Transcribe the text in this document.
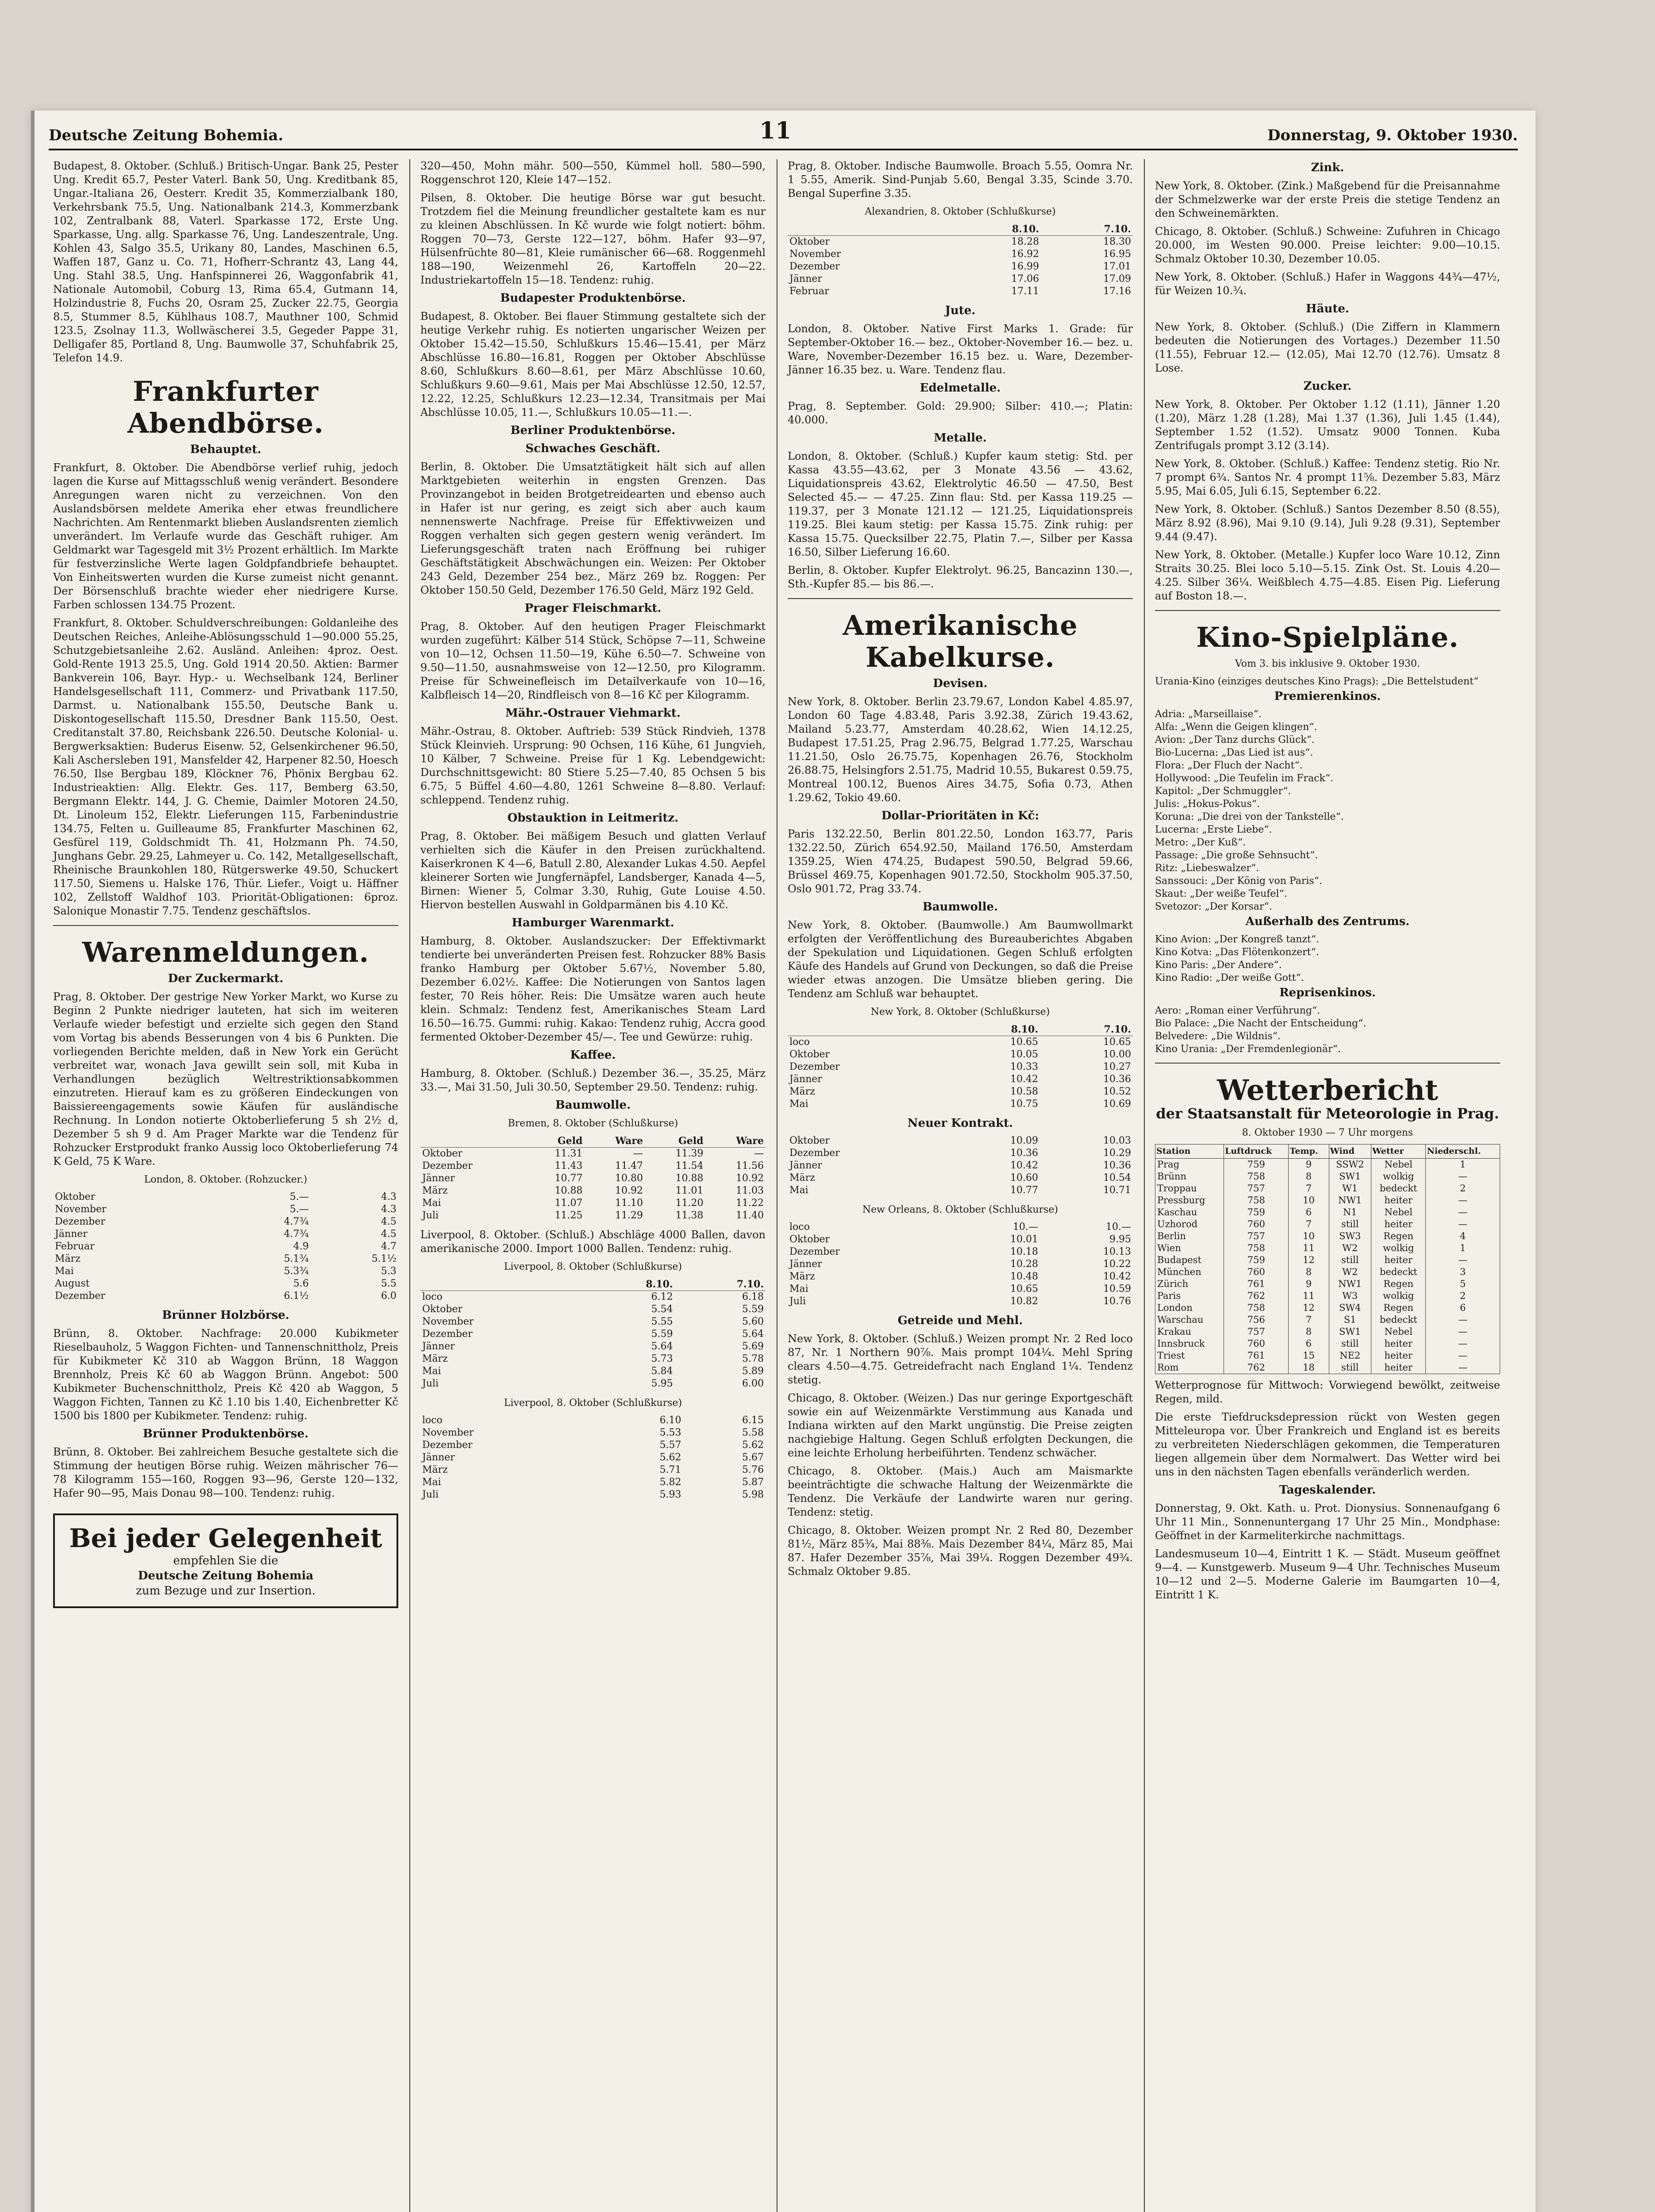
Deutsche Zeitung Bohemia.	11	Donnerstag, 9. Oktober 1930.

Budapest, 8. Oktober. (Schluß.) Britisch-Ungar. Bank 25, Pester Ung. Kredit 65.7, Pester Vaterl. Bank 50, Ung. Kreditbank 85, Ungar.-Italiana 26, Oesterr. Kredit 35, Kommerzialbank 180, Verkehrsbank 75.5, Ung. Nationalbank 214.3, Kommerzbank 102, Zentralbank 88, Vaterl. Sparkasse 172, Erste Ung. Sparkasse, Ung. allg. Sparkasse 76, Ung. Landeszentrale, Ung. Kohlen 43, Salgo 35.5, Urikany 80, Landes, Maschinen 6.5, Waffen 187, Ganz u. Co. 71, Hofherr-Schrantz 43, Lang 44, Ung. Stahl 38.5, Ung. Hanfspinnerei 26, Waggonfabrik 41, Nationale Automobil, Coburg 13, Rima 65.4, Gutmann 14, Holzindustrie 8, Fuchs 20, Osram 25, Zucker 22.75, Georgia 8.5, Stummer 8.5, Kühlhaus 108.7, Mauthner 100, Schmid 123.5, Zsolnay 11.3, Wollwäscherei 3.5, Gegeder Pappe 31, Delligafer 85, Portland 8, Ung. Baumwolle 37, Schuhfabrik 25, Telefon 14.9.

Frankfurter Abendbörse.
Behauptet.

Frankfurt, 8. Oktober. Die Abendbörse verlief ruhig, jedoch lagen die Kurse auf Mittagsschluß wenig verändert. Besondere Anregungen waren nicht zu verzeichnen. Von den Auslandsbörsen meldete Amerika eher etwas freundlichere Nachrichten. Am Rentenmarkt blieben Auslandsrenten ziemlich unverändert. Im Verlaufe wurde das Geschäft ruhiger. Am Geldmarkt war Tagesgeld mit 3½ Prozent erhältlich. Im Markte für festverzinsliche Werte lagen Goldpfandbriefe behauptet. Von Einheitswerten wurden die Kurse zumeist nicht genannt. Der Börsenschluß brachte wieder eher niedrigere Kurse. Farben schlossen 134.75 Prozent.

Frankfurt, 8. Oktober. Schuldverschreibungen: Goldanleihe des Deutschen Reiches, Anleihe-Ablösungsschuld 1—90.000 55.25, Schutzgebietsanleihe 2.62. Ausländ. Anleihen: 4proz. Oest. Gold-Rente 1913 25.5, Ung. Gold 1914 20.50. Aktien: Barmer Bankverein 106, Bayr. Hyp.- u. Wechselbank 124, Berliner Handelsgesellschaft 111, Commerz- und Privatbank 117.50, Darmst. u. Nationalbank 155.50, Deutsche Bank u. Diskontogesellschaft 115.50, Dresdner Bank 115.50, Oest. Creditanstalt 37.80, Reichsbank 226.50. Deutsche Kolonial- u. Bergwerksaktien: Buderus Eisenw. 52, Gelsenkirchener 96.50, Kali Aschersleben 191, Mansfelder 42, Harpener 82.50, Hoesch 76.50, Ilse Bergbau 189, Klöckner 76, Phönix Bergbau 62. Industrieaktien: Allg. Elektr. Ges. 117, Bemberg 63.50, Bergmann Elektr. 144, J. G. Chemie, Daimler Motoren 24.50, Dt. Linoleum 152, Elektr. Lieferungen 115, Farbenindustrie 134.75, Felten u. Guilleaume 85, Frankfurter Maschinen 62, Gesfürel 119, Goldschmidt Th. 41, Holzmann Ph. 74.50, Junghans Gebr. 29.25, Lahmeyer u. Co. 142, Metallgesellschaft, Rheinische Braunkohlen 180, Rütgerswerke 49.50, Schuckert 117.50, Siemens u. Halske 176, Thür. Liefer., Voigt u. Häffner 102, Zellstoff Waldhof 103. Priorität-Obligationen: 6proz. Salonique Monastir 7.75. Tendenz geschäftslos.

Warenmeldungen.
Der Zuckermarkt.

Prag, 8. Oktober. Der gestrige New Yorker Markt, wo Kurse zu Beginn 2 Punkte niedriger lauteten, hat sich im weiteren Verlaufe wieder befestigt und erzielte sich gegen den Stand vom Vortag bis abends Besserungen von 4 bis 6 Punkten. Die vorliegenden Berichte melden, daß in New York ein Gerücht verbreitet war, wonach Java gewillt sein soll, mit Kuba in Verhandlungen bezüglich Weltrestriktionsabkommen einzutreten. Hierauf kam es zu größeren Eindeckungen von Baissiereengagements sowie Käufen für ausländische Rechnung. In London notierte Oktoberlieferung 5 sh 2½ d, Dezember 5 sh 9 d. Am Prager Markte war die Tendenz für Rohzucker Erstprodukt franko Aussig loco Oktoberlieferung 74 K Geld, 75 K Ware.

London, 8. Oktober. (Rohzucker.)
Oktober	5.—	4.3
November	5.—	4.3
Dezember	4.7¾	4.5
Jänner	4.7¾	4.5
Februar	4.9	4.7
März	5.1¾	5.1½
Mai	5.3¾	5.3
August	5.6	5.5
Dezember	6.1½	6.0
Brünner Holzbörse.

Brünn, 8. Oktober. Nachfrage: 20.000 Kubikmeter Rieselbauholz, 5 Waggon Fichten- und Tannenschnittholz, Preis für Kubikmeter Kč 310 ab Waggon Brünn, 18 Waggon Brennholz, Preis Kč 60 ab Waggon Brünn. Angebot: 500 Kubikmeter Buchenschnittholz, Preis Kč 420 ab Waggon, 5 Waggon Fichten, Tannen zu Kč 1.10 bis 1.40, Eichenbretter Kč 1500 bis 1800 per Kubikmeter. Tendenz: ruhig.

Brünner Produktenbörse.

Brünn, 8. Oktober. Bei zahlreichem Besuche gestaltete sich die Stimmung der heutigen Börse ruhig. Weizen mährischer 76—78 Kilogramm 155—160, Roggen 93—96, Gerste 120—132, Hafer 90—95, Mais Donau 98—100. Tendenz: ruhig.

Bei jeder Gelegenheit
empfehlen Sie die
Deutsche Zeitung Bohemia
zum Bezuge und zur Insertion.

320—450, Mohn mähr. 500—550, Kümmel holl. 580—590, Roggenschrot 120, Kleie 147—152.

Pilsen, 8. Oktober. Die heutige Börse war gut besucht. Trotzdem fiel die Meinung freundlicher gestaltete kam es nur zu kleinen Abschlüssen. In Kč wurde wie folgt notiert: böhm. Roggen 70—73, Gerste 122—127, böhm. Hafer 93—97, Hülsenfrüchte 80—81, Kleie rumänischer 66—68. Roggenmehl 188—190, Weizenmehl 26, Kartoffeln 20—22. Industriekartoffeln 15—18. Tendenz: ruhig.

Budapester Produktenbörse.

Budapest, 8. Oktober. Bei flauer Stimmung gestaltete sich der heutige Verkehr ruhig. Es notierten ungarischer Weizen per Oktober 15.42—15.50, Schlußkurs 15.46—15.41, per März Abschlüsse 16.80—16.81, Roggen per Oktober Abschlüsse 8.60, Schlußkurs 8.60—8.61, per März Abschlüsse 10.60, Schlußkurs 9.60—9.61, Mais per Mai Abschlüsse 12.50, 12.57, 12.22, 12.25, Schlußkurs 12.23—12.34, Transitmais per Mai Abschlüsse 10.05, 11.—, Schlußkurs 10.05—11.—.

Berliner Produktenbörse.
Schwaches Geschäft.

Berlin, 8. Oktober. Die Umsatztätigkeit hält sich auf allen Marktgebieten weiterhin in engsten Grenzen. Das Provinzangebot in beiden Brotgetreidearten und ebenso auch in Hafer ist nur gering, es zeigt sich aber auch kaum nennenswerte Nachfrage. Preise für Effektivweizen und Roggen verhalten sich gegen gestern wenig verändert. Im Lieferungsgeschäft traten nach Eröffnung bei ruhiger Geschäftstätigkeit Abschwächungen ein. Weizen: Per Oktober 243 Geld, Dezember 254 bez., März 269 bz. Roggen: Per Oktober 150.50 Geld, Dezember 176.50 Geld, März 192 Geld.

Prager Fleischmarkt.

Prag, 8. Oktober. Auf den heutigen Prager Fleischmarkt wurden zugeführt: Kälber 514 Stück, Schöpse 7—11, Schweine von 10—12, Ochsen 11.50—19, Kühe 6.50—7. Schweine von 9.50—11.50, ausnahmsweise von 12—12.50, pro Kilogramm. Preise für Schweinefleisch im Detailverkaufe von 10—16, Kalbfleisch 14—20, Rindfleisch von 8—16 Kč per Kilogramm.

Mähr.-Ostrauer Viehmarkt.

Mähr.-Ostrau, 8. Oktober. Auftrieb: 539 Stück Rindvieh, 1378 Stück Kleinvieh. Ursprung: 90 Ochsen, 116 Kühe, 61 Jungvieh, 10 Kälber, 7 Schweine. Preise für 1 Kg. Lebendgewicht: Durchschnittsgewicht: 80 Stiere 5.25—7.40, 85 Ochsen 5 bis 6.75, 5 Büffel 4.60—4.80, 1261 Schweine 8—8.80. Verlauf: schleppend. Tendenz ruhig.

Obstauktion in Leitmeritz.

Prag, 8. Oktober. Bei mäßigem Besuch und glatten Verlauf verhielten sich die Käufer in den Preisen zurückhaltend. Kaiserkronen K 4—6, Batull 2.80, Alexander Lukas 4.50. Aepfel kleinerer Sorten wie Jungfernäpfel, Landsberger, Kanada 4—5, Birnen: Wiener 5, Colmar 3.30, Ruhig, Gute Louise 4.50. Hiervon bestellen Auswahl in Goldparmänen bis 4.10 Kč.

Hamburger Warenmarkt.

Hamburg, 8. Oktober. Auslandszucker: Der Effektivmarkt tendierte bei unveränderten Preisen fest. Rohzucker 88% Basis franko Hamburg per Oktober 5.67½, November 5.80, Dezember 6.02½. Kaffee: Die Notierungen von Santos lagen fester, 70 Reis höher. Reis: Die Umsätze waren auch heute klein. Schmalz: Tendenz fest, Amerikanisches Steam Lard 16.50—16.75. Gummi: ruhig. Kakao: Tendenz ruhig, Accra good fermented Oktober-Dezember 45/—. Tee und Gewürze: ruhig.

Kaffee.

Hamburg, 8. Oktober. (Schluß.) Dezember 36.—, 35.25, März 33.—, Mai 31.50, Juli 30.50, September 29.50. Tendenz: ruhig.

Baumwolle.
Bremen, 8. Oktober (Schlußkurse)
	Geld	Ware	Geld	Ware
Oktober	11.31	—	11.39	—
Dezember	11.43	11.47	11.54	11.56
Jänner	10.77	10.80	10.88	10.92
März	10.88	10.92	11.01	11.03
Mai	11.07	11.10	11.20	11.22
Juli	11.25	11.29	11.38	11.40

Liverpool, 8. Oktober. (Schluß.) Abschläge 4000 Ballen, davon amerikanische 2000. Import 1000 Ballen. Tendenz: ruhig.

Liverpool, 8. Oktober (Schlußkurse)
	8.10.	7.10.
loco	6.12	6.18
Oktober	5.54	5.59
November	5.55	5.60
Dezember	5.59	5.64
Jänner	5.64	5.69
März	5.73	5.78
Mai	5.84	5.89
Juli	5.95	6.00
Liverpool, 8. Oktober (Schlußkurse)
loco	6.10	6.15
November	5.53	5.58
Dezember	5.57	5.62
Jänner	5.62	5.67
März	5.71	5.76
Mai	5.82	5.87
Juli	5.93	5.98

Prag, 8. Oktober. Indische Baumwolle. Broach 5.55, Oomra Nr. 1 5.55, Amerik. Sind-Punjab 5.60, Bengal 3.35, Scinde 3.70. Bengal Superfine 3.35.

Alexandrien, 8. Oktober (Schlußkurse)
	8.10.	7.10.
Oktober	18.28	18.30
November	16.92	16.95
Dezember	16.99	17.01
Jänner	17.06	17.09
Februar	17.11	17.16
Jute.

London, 8. Oktober. Native First Marks 1. Grade: für September-Oktober 16.— bez., Oktober-November 16.— bez. u. Ware, November-Dezember 16.15 bez. u. Ware, Dezember-Jänner 16.35 bez. u. Ware. Tendenz flau.

Edelmetalle.

Prag, 8. September. Gold: 29.900; Silber: 410.—; Platin: 40.000.

Metalle.

London, 8. Oktober. (Schluß.) Kupfer kaum stetig: Std. per Kassa 43.55—43.62, per 3 Monate 43.56 — 43.62, Liquidationspreis 43.62, Elektrolytic 46.50 — 47.50, Best Selected 45.— — 47.25. Zinn flau: Std. per Kassa 119.25 — 119.37, per 3 Monate 121.12 — 121.25, Liquidationspreis 119.25. Blei kaum stetig: per Kassa 15.75. Zink ruhig: per Kassa 15.75. Quecksilber 22.75, Platin 7.—, Silber per Kassa 16.50, Silber Lieferung 16.60.

Berlin, 8. Oktober. Kupfer Elektrolyt. 96.25, Bancazinn 130.—, Sth.-Kupfer 85.— bis 86.—.

Amerikanische Kabelkurse.
Devisen.

New York, 8. Oktober. Berlin 23.79.67, London Kabel 4.85.97, London 60 Tage 4.83.48, Paris 3.92.38, Zürich 19.43.62, Mailand 5.23.77, Amsterdam 40.28.62, Wien 14.12.25, Budapest 17.51.25, Prag 2.96.75, Belgrad 1.77.25, Warschau 11.21.50, Oslo 26.75.75, Kopenhagen 26.76, Stockholm 26.88.75, Helsingfors 2.51.75, Madrid 10.55, Bukarest 0.59.75, Montreal 100.12, Buenos Aires 34.75, Sofia 0.73, Athen 1.29.62, Tokio 49.60.

Dollar-Prioritäten in Kč:

Paris 132.22.50, Berlin 801.22.50, London 163.77, Paris 132.22.50, Zürich 654.92.50, Mailand 176.50, Amsterdam 1359.25, Wien 474.25, Budapest 590.50, Belgrad 59.66, Brüssel 469.75, Kopenhagen 901.72.50, Stockholm 905.37.50, Oslo 901.72, Prag 33.74.

Baumwolle.

New York, 8. Oktober. (Baumwolle.) Am Baumwollmarkt erfolgten der Veröffentlichung des Bureauberichtes Abgaben der Spekulation und Liquidationen. Gegen Schluß erfolgten Käufe des Handels auf Grund von Deckungen, so daß die Preise wieder etwas anzogen. Die Umsätze blieben gering. Die Tendenz am Schluß war behauptet.

New York, 8. Oktober (Schlußkurse)
	8.10.	7.10.
loco	10.65	10.65
Oktober	10.05	10.00
Dezember	10.33	10.27
Jänner	10.42	10.36
März	10.58	10.52
Mai	10.75	10.69
Neuer Kontrakt.
Oktober	10.09	10.03
Dezember	10.36	10.29
Jänner	10.42	10.36
März	10.60	10.54
Mai	10.77	10.71
New Orleans, 8. Oktober (Schlußkurse)
loco	10.—	10.—
Oktober	10.01	9.95
Dezember	10.18	10.13
Jänner	10.28	10.22
März	10.48	10.42
Mai	10.65	10.59
Juli	10.82	10.76
Getreide und Mehl.

New York, 8. Oktober. (Schluß.) Weizen prompt Nr. 2 Red loco 87, Nr. 1 Northern 90⅞. Mais prompt 104¼. Mehl Spring clears 4.50—4.75. Getreidefracht nach England 1¼. Tendenz stetig.

Chicago, 8. Oktober. (Weizen.) Das nur geringe Exportgeschäft sowie ein auf Weizenmärkte Verstimmung aus Kanada und Indiana wirkten auf den Markt ungünstig. Die Preise zeigten nachgiebige Haltung. Gegen Schluß erfolgten Deckungen, die eine leichte Erholung herbeiführten. Tendenz schwächer.

Chicago, 8. Oktober. (Mais.) Auch am Maismarkte beeinträchtigte die schwache Haltung der Weizenmärkte die Tendenz. Die Verkäufe der Landwirte waren nur gering. Tendenz: stetig.

Chicago, 8. Oktober. Weizen prompt Nr. 2 Red 80, Dezember 81½, März 85¾, Mai 88⅜. Mais Dezember 84¼, März 85, Mai 87. Hafer Dezember 35⅞, Mai 39¼. Roggen Dezember 49¾. Schmalz Oktober 9.85.

Zink.

New York, 8. Oktober. (Zink.) Maßgebend für die Preisannahme der Schmelzwerke war der erste Preis die stetige Tendenz an den Schweinemärkten.

Chicago, 8. Oktober. (Schluß.) Schweine: Zufuhren in Chicago 20.000, im Westen 90.000. Preise leichter: 9.00—10.15. Schmalz Oktober 10.30, Dezember 10.05.

New York, 8. Oktober. (Schluß.) Hafer in Waggons 44¾—47½, für Weizen 10.¾.

Häute.

New York, 8. Oktober. (Schluß.) (Die Ziffern in Klammern bedeuten die Notierungen des Vortages.) Dezember 11.50 (11.55), Februar 12.— (12.05), Mai 12.70 (12.76). Umsatz 8 Lose.

Zucker.

New York, 8. Oktober. Per Oktober 1.12 (1.11), Jänner 1.20 (1.20), März 1.28 (1.28), Mai 1.37 (1.36), Juli 1.45 (1.44), September 1.52 (1.52). Umsatz 9000 Tonnen. Kuba Zentrifugals prompt 3.12 (3.14).

New York, 8. Oktober. (Schluß.) Kaffee: Tendenz stetig. Rio Nr. 7 prompt 6¾. Santos Nr. 4 prompt 11⅝. Dezember 5.83, März 5.95, Mai 6.05, Juli 6.15, September 6.22.

New York, 8. Oktober. (Schluß.) Santos Dezember 8.50 (8.55), März 8.92 (8.96), Mai 9.10 (9.14), Juli 9.28 (9.31), September 9.44 (9.47).

New York, 8. Oktober. (Metalle.) Kupfer loco Ware 10.12, Zinn Straits 30.25. Blei loco 5.10—5.15. Zink Ost. St. Louis 4.20—4.25. Silber 36¼. Weißblech 4.75—4.85. Eisen Pig. Lieferung auf Boston 18.—.

Kino-Spielpläne.
Vom 3. bis inklusive 9. Oktober 1930.

Urania-Kino (einziges deutsches Kino Prags): „Die Bettelstudent“

Premierenkinos.

Adria: „Marseillaise“.

Alfa: „Wenn die Geigen klingen“.

Avion: „Der Tanz durchs Glück“.

Bio-Lucerna: „Das Lied ist aus“.

Flora: „Der Fluch der Nacht“.

Hollywood: „Die Teufelin im Frack“.

Kapitol: „Der Schmuggler“.

Julis: „Hokus-Pokus“.

Koruna: „Die drei von der Tankstelle“.

Lucerna: „Erste Liebe“.

Metro: „Der Kuß“.

Passage: „Die große Sehnsucht“.

Ritz: „Liebeswalzer“.

Sanssouci: „Der König von Paris“.

Skaut: „Der weiße Teufel“.

Svetozor: „Der Korsar“.

Außerhalb des Zentrums.

Kino Avion: „Der Kongreß tanzt“.

Kino Kotva: „Das Flötenkonzert“.

Kino Paris: „Der Andere“.

Kino Radio: „Der weiße Gott“.

Reprisenkinos.

Aero: „Roman einer Verführung“.

Bio Palace: „Die Nacht der Entscheidung“.

Belvedere: „Die Wildnis“.

Kino Urania: „Der Fremdenlegionär“.

Wetterbericht
der Staatsanstalt für Meteorologie in Prag.
8. Oktober 1930 — 7 Uhr morgens
Station	Luftdruck	Temp.	Wind	Wetter	Niederschl.
Prag	759	9	SSW2	Nebel	1
Brünn	758	8	SW1	wolkig	—
Troppau	757	7	W1	bedeckt	2
Pressburg	758	10	NW1	heiter	—
Kaschau	759	6	N1	Nebel	—
Uzhorod	760	7	still	heiter	—
Berlin	757	10	SW3	Regen	4
Wien	758	11	W2	wolkig	1
Budapest	759	12	still	heiter	—
München	760	8	W2	bedeckt	3
Zürich	761	9	NW1	Regen	5
Paris	762	11	W3	wolkig	2
London	758	12	SW4	Regen	6
Warschau	756	7	S1	bedeckt	—
Krakau	757	8	SW1	Nebel	—
Innsbruck	760	6	still	heiter	—
Triest	761	15	NE2	heiter	—
Rom	762	18	still	heiter	—

Wetterprognose für Mittwoch: Vorwiegend bewölkt, zeitweise Regen, mild.

Die erste Tiefdrucksdepression rückt von Westen gegen Mitteleuropa vor. Über Frankreich und England ist es bereits zu verbreiteten Niederschlägen gekommen, die Temperaturen liegen allgemein über dem Normalwert. Das Wetter wird bei uns in den nächsten Tagen ebenfalls veränderlich werden.

Tageskalender.

Donnerstag, 9. Okt. Kath. u. Prot. Dionysius. Sonnenaufgang 6 Uhr 11 Min., Sonnenuntergang 17 Uhr 25 Min., Mondphase: Geöffnet in der Karmeliterkirche nachmittags.

Landesmuseum 10—4, Eintritt 1 K. — Städt. Museum geöffnet 9—4. — Kunstgewerb. Museum 9—4 Uhr. Technisches Museum 10—12 und 2—5. Moderne Galerie im Baumgarten 10—4, Eintritt 1 K.
